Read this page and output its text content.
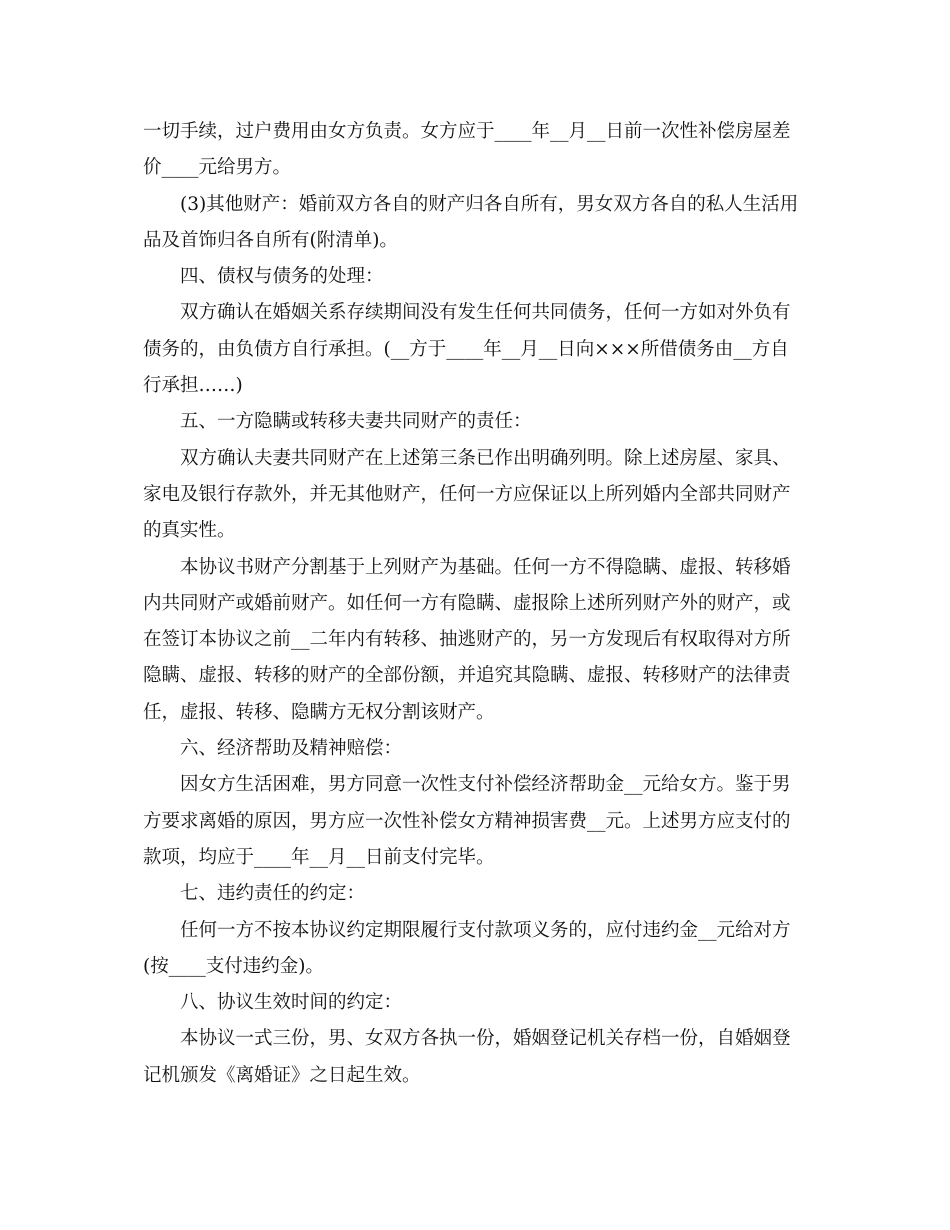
一切手续，过户费用由女方负责。女方应于____年__月__日前一次性补偿房屋差
价____元给男方。
(3)其他财产：婚前双方各自的财产归各自所有，男女双方各自的私人生活用
品及首饰归各自所有(附清单)。
四、债权与债务的处理：
双方确认在婚姻关系存续期间没有发生任何共同债务，任何一方如对外负有
债务的，由负债方自行承担。(__方于____年__月__日向×××所借债务由__方自
行承担……)
五、一方隐瞒或转移夫妻共同财产的责任：
双方确认夫妻共同财产在上述第三条已作出明确列明。除上述房屋、家具、
家电及银行存款外，并无其他财产，任何一方应保证以上所列婚内全部共同财产
的真实性。
本协议书财产分割基于上列财产为基础。任何一方不得隐瞒、虚报、转移婚
内共同财产或婚前财产。如任何一方有隐瞒、虚报除上述所列财产外的财产，或
在签订本协议之前__二年内有转移、抽逃财产的，另一方发现后有权取得对方所
隐瞒、虚报、转移的财产的全部份额，并追究其隐瞒、虚报、转移财产的法律责
任，虚报、转移、隐瞒方无权分割该财产。
六、经济帮助及精神赔偿：
因女方生活困难，男方同意一次性支付补偿经济帮助金__元给女方。鉴于男
方要求离婚的原因，男方应一次性补偿女方精神损害费__元。上述男方应支付的
款项，均应于____年__月__日前支付完毕。
七、违约责任的约定：
任何一方不按本协议约定期限履行支付款项义务的，应付违约金__元给对方
(按____支付违约金)。
八、协议生效时间的约定：
本协议一式三份，男、女双方各执一份，婚姻登记机关存档一份，自婚姻登
记机颁发《离婚证》之日起生效。
